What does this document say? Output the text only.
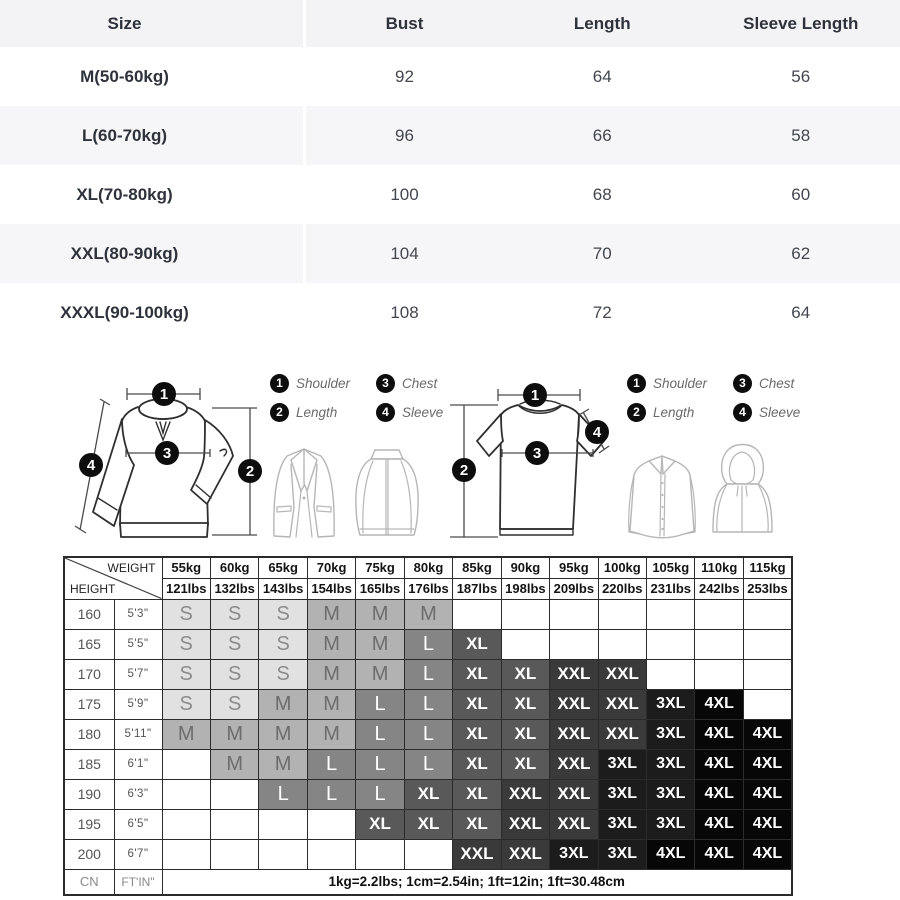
Size	Bust	Length	Sleeve Length
M(50-60kg)	92	64	56
L(60-70kg)	96	66	58
XL(70-80kg)	100	68	60
XXL(80-90kg)	104	70	62
XXXL(90-100kg)	108	72	64
1
3
2
4
1 Shoulder	3 Chest
2 Length	4 Sleeve
1
2
3
4
1 Shoulder	3 Chest
2 Length	4 Sleeve
WEIGHT
HEIGHT		55kg	60kg	65kg	70kg	75kg	80kg	85kg	90kg	95kg	100kg	105kg	110kg	115kg
		121lbs	132lbs	143lbs	154lbs	165lbs	176lbs	187lbs	198lbs	209lbs	220lbs	231lbs	242lbs	253lbs
160	5'3"	S	S	S	M	M	M							
165	5'5"	S	S	S	M	M	L	XL						
170	5'7"	S	S	S	M	M	L	XL	XL	XXL	XXL			
175	5'9"	S	S	M	M	L	L	XL	XL	XXL	XXL	3XL	4XL	
180	5'11"	M	M	M	M	L	L	XL	XL	XXL	XXL	3XL	4XL	4XL
185	6'1"		M	M	L	L	L	XL	XL	XXL	3XL	3XL	4XL	4XL
190	6'3"			L	L	L	XL	XL	XXL	XXL	3XL	3XL	4XL	4XL
195	6'5"					XL	XL	XL	XXL	XXL	3XL	3XL	4XL	4XL
200	6'7"							XXL	XXL	3XL	3XL	4XL	4XL	4XL
CN	FT'IN"	1kg=2.2lbs; 1cm=2.54in; 1ft=12in; 1ft=30.48cm												
